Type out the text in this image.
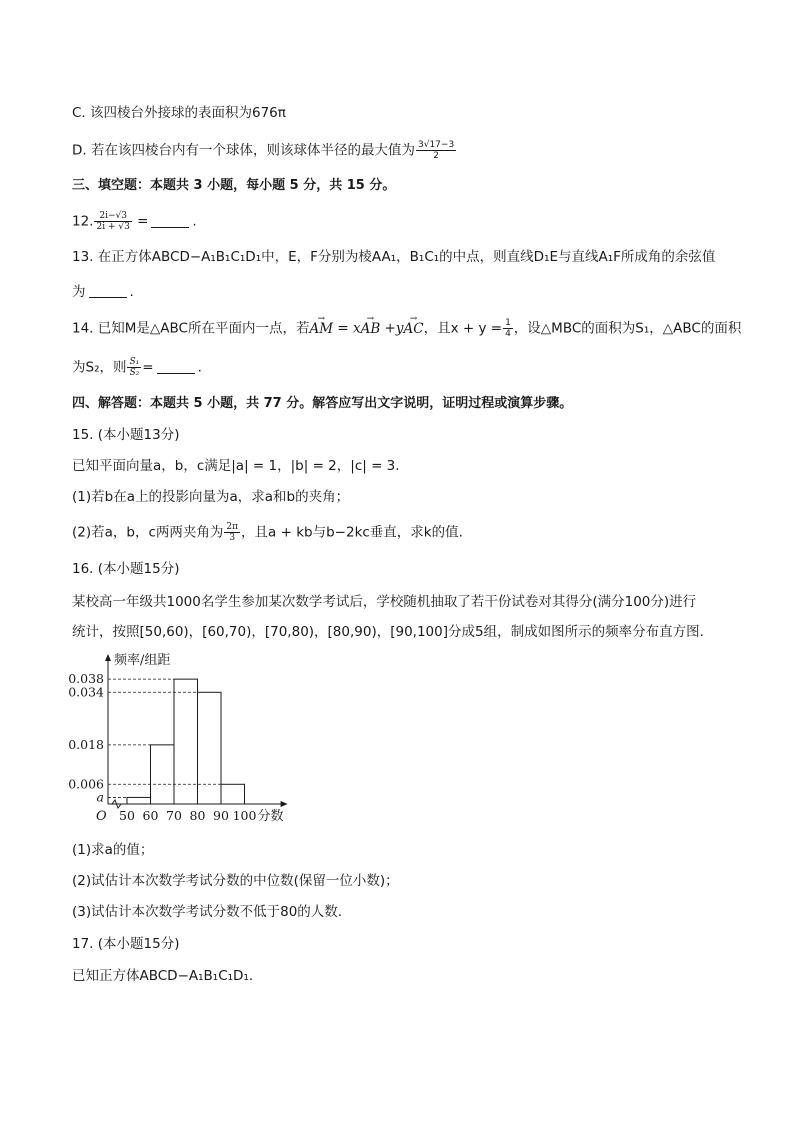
C. 该四棱台外接球的表面积为676π
D. 若在该四棱台内有一个球体，则该球体半径的最大值为 $\frac{3√17-3}{2}$
三、填空题：本题共 3 小题，每小题 5 分，共 15 分。
12. $\frac{2i-√3}{2i + √3}$ =	.
13. 在正方体ABCD−A₁B₁C₁D₁中，E，F分别为棱AA₁，B₁C₁的中点，则直线D₁E与直线A₁F所成角的余弦值
为	.
14. 已知M是△ABC所在平面内一点，若→ AM = x→ AB +y→ AC，且$x + y = \frac{1}{4}$ ，设△MBC的面积为S₁，△ABC的面积
为S₂，则 $\frac{\text{S₁}}{\text{S₂}}$ =	.
四、解答题：本题共 5 小题，共 77 分。解答应写出文字说明，证明过程或演算步骤。
15. (本小题13分)
已知平面向量a，b，c满足|a| = 1，|b| = 2，|c| = 3.
(1)若b在a上的投影向量为a，求a和b的夹角；
(2)若a，b，c两两夹角为 $\frac{2\pi}{3}$ ，且a + kb与b−2kc垂直，求k的值.
16. (本小题15分)
某校高一年级共1000名学生参加某次数学考试后，学校随机抽取了若干份试卷对其得分(满分100分)进行
统计，按照[50,60)，[60,70)，[70,80)，[80,90)，[90,100]分成5组，制成如图所示的频率分布直方图.
频率/组距
O
a
0.006
0.018
0.034
0.038
50 60 70 80 90 100 分数
(1)求a的值；
(2)试估计本次数学考试分数的中位数(保留一位小数)；
(3)试估计本次数学考试分数不低于80的人数.
17. (本小题15分)
已知正方体ABCD−A₁B₁C₁D₁.
